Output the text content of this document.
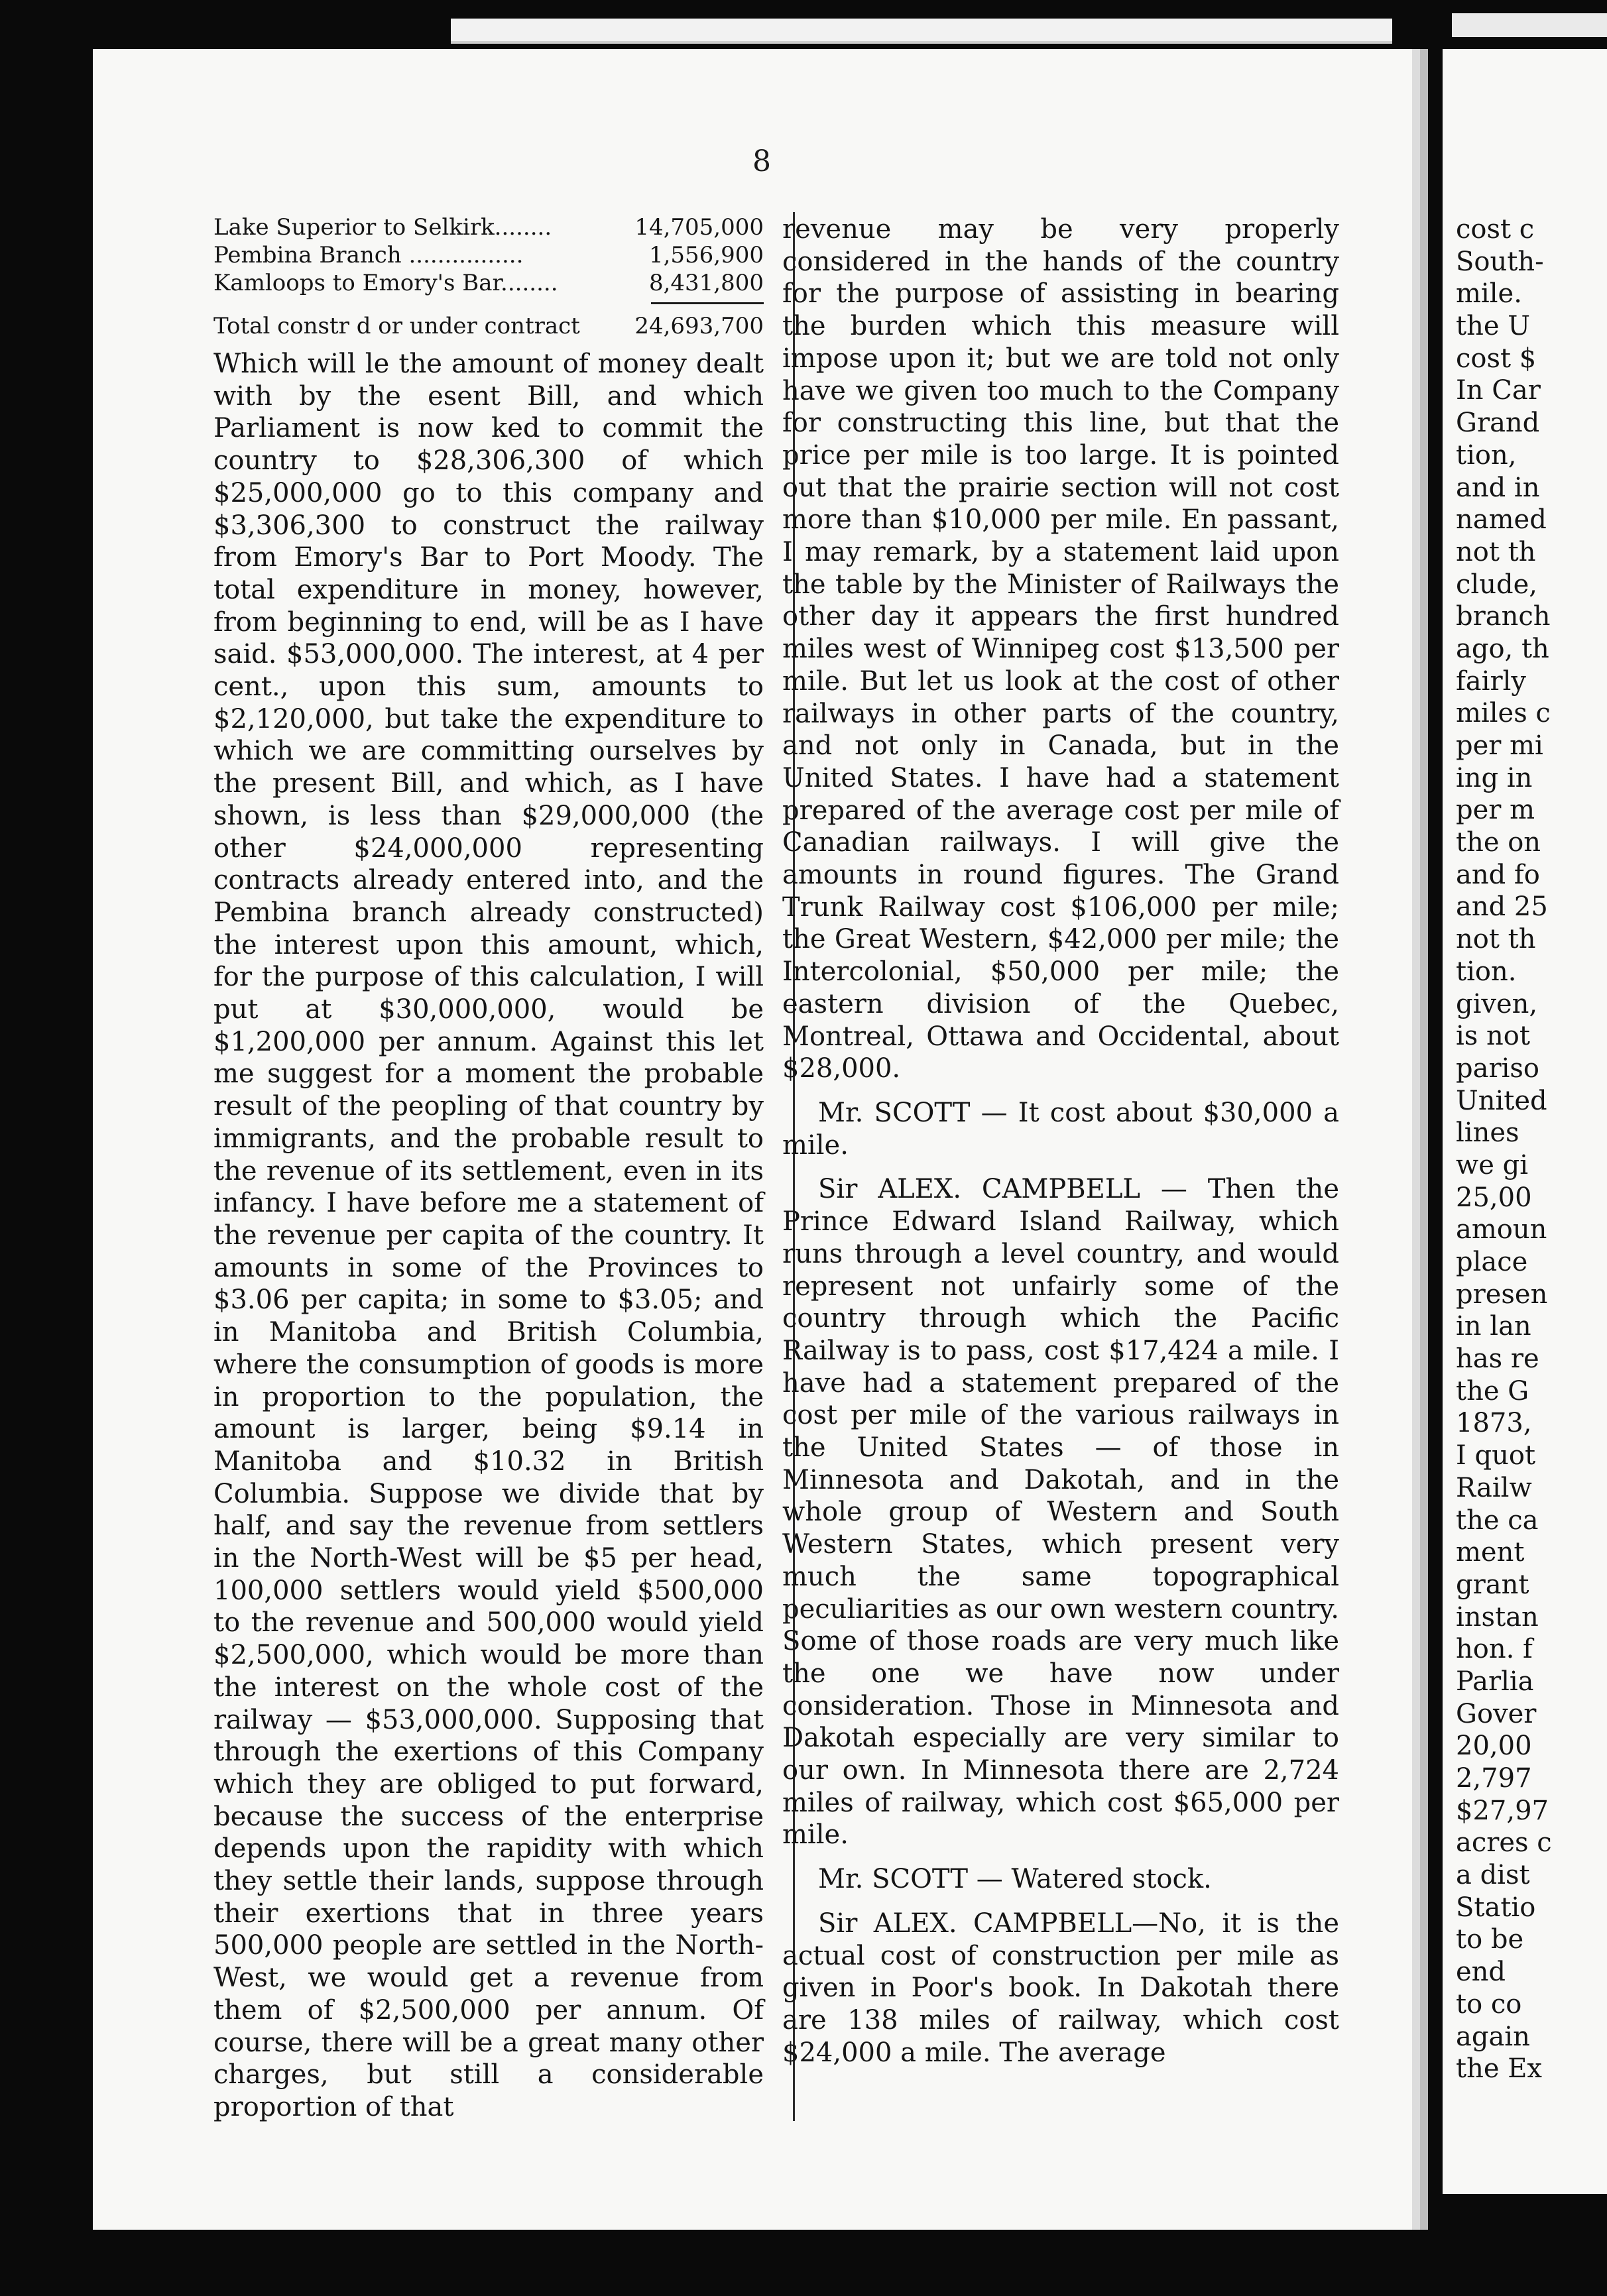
8
Lake Superior to Selkirk........	14,705,000
Pembina Branch ................	1,556,900
Kamloops to Emory's Bar........	8,431,800
Total constr d or under contract 24,693,700

Which will le the amount of money dealt with by the esent Bill, and which Parliament is now ked to commit the country to $28,306,300 of which $25,000,000 go to this company and $3,306,300 to construct the railway from Emory's Bar to Port Moody. The total expenditure in money, however, from beginning to end, will be as I have said. $53,000,000. The interest, at 4 per cent., upon this sum, amounts to $2,120,000, but take the expenditure to which we are committing ourselves by the present Bill, and which, as I have shown, is less than $29,000,000 (the other $24,000,000 representing contracts already entered into, and the Pembina branch already constructed) the interest upon this amount, which, for the purpose of this calculation, I will put at $30,000,000, would be $1,200,000 per annum. Against this let me suggest for a moment the probable result of the peopling of that country by immigrants, and the probable result to the revenue of its settlement, even in its infancy. I have before me a statement of the revenue per capita of the country. It amounts in some of the Provinces to $3.06 per capita; in some to $3.05; and in Manitoba and British Columbia, where the consumption of goods is more in proportion to the population, the amount is larger, being $9.14 in Manitoba and $10.32 in British Columbia. Suppose we divide that by half, and say the revenue from settlers in the North-West will be $5 per head, 100,000 settlers would yield $500,000 to the revenue and 500,000 would yield $2,500,000, which would be more than the interest on the whole cost of the railway — $53,000,000. Supposing that through the exertions of this Company which they are obliged to put forward, because the success of the enterprise depends upon the rapidity with which they settle their lands, suppose through their exertions that in three years 500,000 people are settled in the North-West, we would get a revenue from them of $2,500,000 per annum. Of course, there will be a great many other charges, but still a considerable proportion of that

revenue may be very properly considered in the hands of the country for the purpose of assisting in bearing the burden which this measure will impose upon it; but we are told not only have we given too much to the Company for constructing this line, but that the price per mile is too large. It is pointed out that the prairie section will not cost more than $10,000 per mile. En passant, I may remark, by a statement laid upon the table by the Minister of Railways the other day it appears the first hundred miles west of Winnipeg cost $13,500 per mile. But let us look at the cost of other railways in other parts of the country, and not only in Canada, but in the United States. I have had a statement prepared of the average cost per mile of Canadian railways. I will give the amounts in round figures. The Grand Trunk Railway cost $106,000 per mile; the Great Western, $42,000 per mile; the Intercolonial, $50,000 per mile; the eastern division of the Quebec, Montreal, Ottawa and Occidental, about $28,000.

Mr. SCOTT — It cost about $30,000 a mile.

Sir ALEX. CAMPBELL — Then the Prince Edward Island Railway, which runs through a level country, and would represent not unfairly some of the country through which the Pacific Railway is to pass, cost $17,424 a mile. I have had a statement prepared of the cost per mile of the various railways in the United States — of those in Minnesota and Dakotah, and in the whole group of Western and South Western States, which present very much the same topographical peculiarities as our own western country. Some of those roads are very much like the one we have now under consideration. Those in Minnesota and Dakotah especially are very similar to our own. In Minnesota there are 2,724 miles of railway, which cost $65,000 per mile.

Mr. SCOTT — Watered stock.

Sir ALEX. CAMPBELL—No, it is the actual cost of construction per mile as given in Poor's book. In Dakotah there are 138 miles of railway, which cost $24,000 a mile. The average

cost c
South-
mile.
the U
cost $
In Car
Grand
tion,
and in
named
not th
clude,
branch
ago, th
fairly
miles c
per mi
ing in
per m
the on
and fo
and 25
not th
tion.
given,
is not
pariso
United
lines
we gi
25,00
amoun
place
presen
in lan
has re
the G
1873,
I quot
Railw
the ca
ment
grant
instan
hon. f
Parlia
Gover
20,00
2,797
$27,97
acres c
a dist
Statio
to be
end
to co
again
the Ex
